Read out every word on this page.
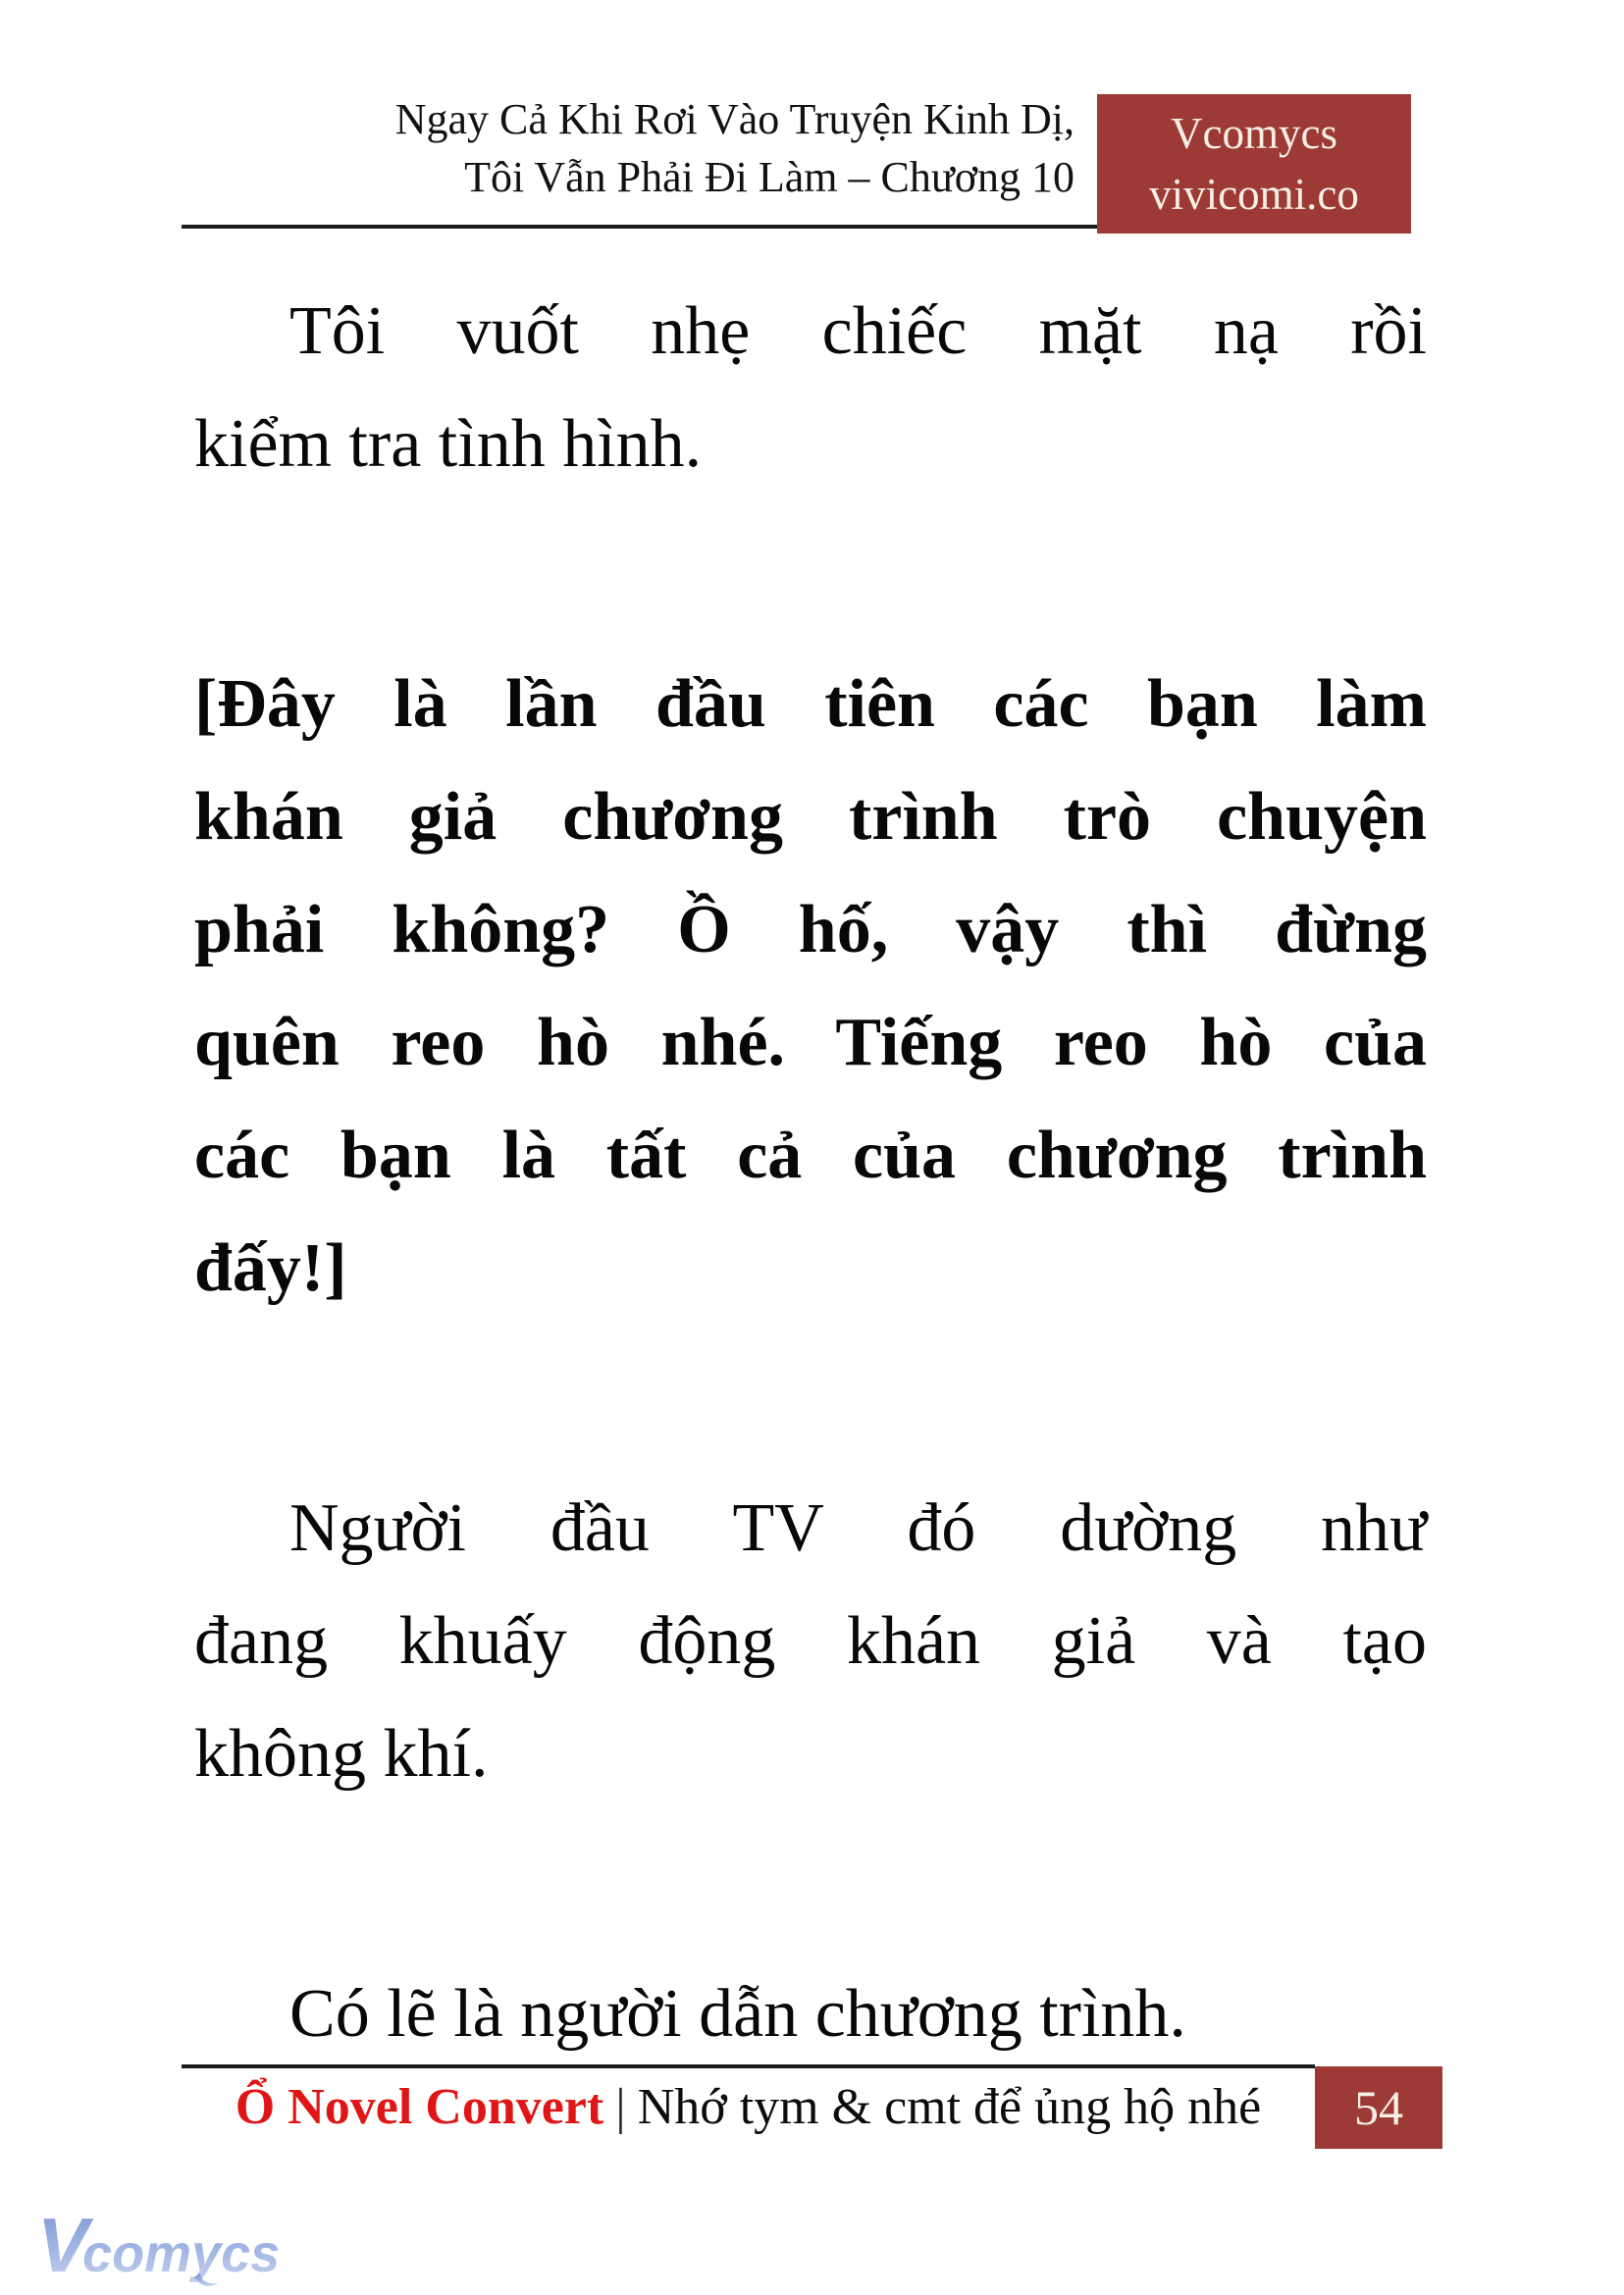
Ngay Cả Khi Rơi Vào Truyện Kinh Dị,
Tôi Vẫn Phải Đi Làm – Chương 10
Vcomycs
vivicomi.co
Tôi vuốt nhẹ chiếc mặt nạ rồi
kiểm tra tình hình.
[Đây là lần đầu tiên các bạn làm
khán giả chương trình trò chuyện
phải không? Ồ hố, vậy thì đừng
quên reo hò nhé. Tiếng reo hò của
các bạn là tất cả của chương trình
đấy!]
Người đầu TV đó dường như
đang khuấy động khán giả và tạo
không khí.
Có lẽ là người dẫn chương trình.
Ổ Novel Convert | Nhớ tym & cmt để ủng hộ nhé	54
Vcomycs
